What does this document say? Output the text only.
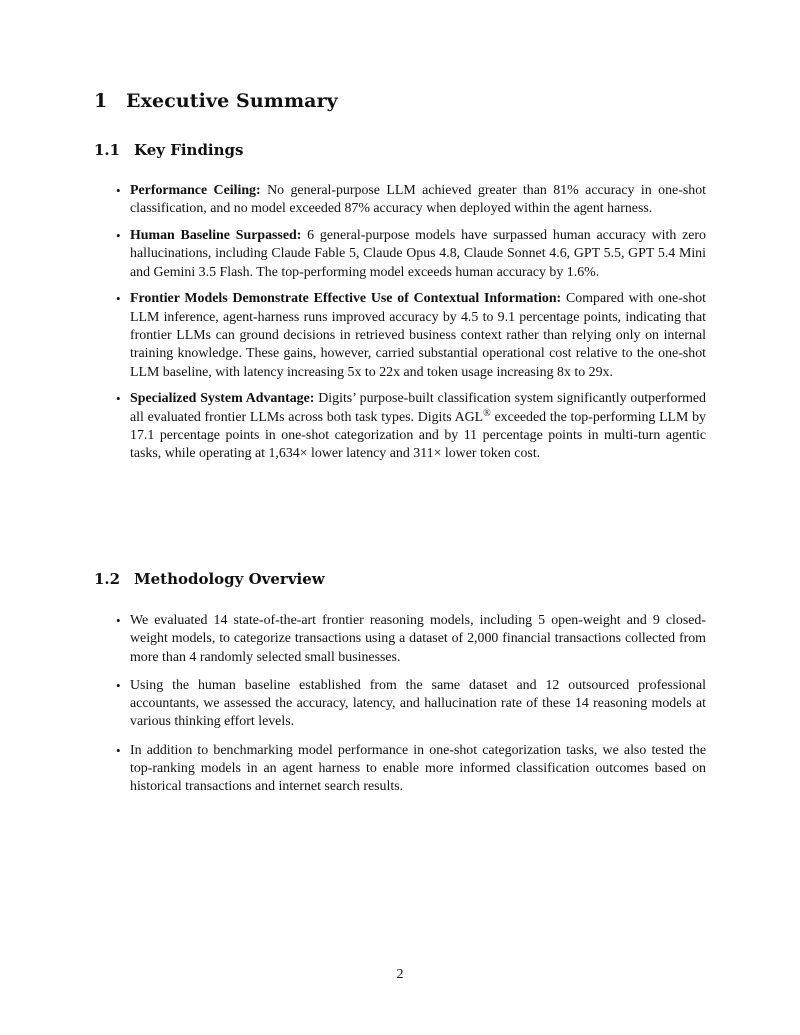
1 Executive Summary
1.1 Key Findings
• Performance Ceiling: No general-purpose LLM achieved greater than 81% accuracy in one-shot classification, and no model exceeded 87% accuracy when deployed within the agent harness.
• Human Baseline Surpassed: 6 general-purpose models have surpassed human accuracy with zero hallucinations, including Claude Fable 5, Claude Opus 4.8, Claude Sonnet 4.6, GPT 5.5, GPT 5.4 Mini and Gemini 3.5 Flash. The top-performing model exceeds human accuracy by 1.6%.
• Frontier Models Demonstrate Effective Use of Contextual Information: Compared with one-shot LLM inference, agent-harness runs improved accuracy by 4.5 to 9.1 percentage points, indicating that frontier LLMs can ground decisions in retrieved business context rather than relying only on internal training knowledge. These gains, however, carried substantial operational cost relative to the one-shot LLM baseline, with latency increasing 5x to 22x and token usage increasing 8x to 29x.
• Specialized System Advantage: Digits’ purpose-built classification system significantly outperformed all evaluated frontier LLMs across both task types. Digits AGL® exceeded the top-performing LLM by 17.1 percentage points in one-shot categorization and by 11 percentage points in multi-turn agentic tasks, while operating at 1,634× lower latency and 311× lower token cost.
1.2 Methodology Overview
• We evaluated 14 state-of-the-art frontier reasoning models, including 5 open-weight and 9 closed-weight models, to categorize transactions using a dataset of 2,000 financial transactions collected from more than 4 randomly selected small businesses.
• Using the human baseline established from the same dataset and 12 outsourced professional accountants, we assessed the accuracy, latency, and hallucination rate of these 14 reasoning models at various thinking effort levels.
• In addition to benchmarking model performance in one-shot categorization tasks, we also tested the top-ranking models in an agent harness to enable more informed classification outcomes based on historical transactions and internet search results.
2
